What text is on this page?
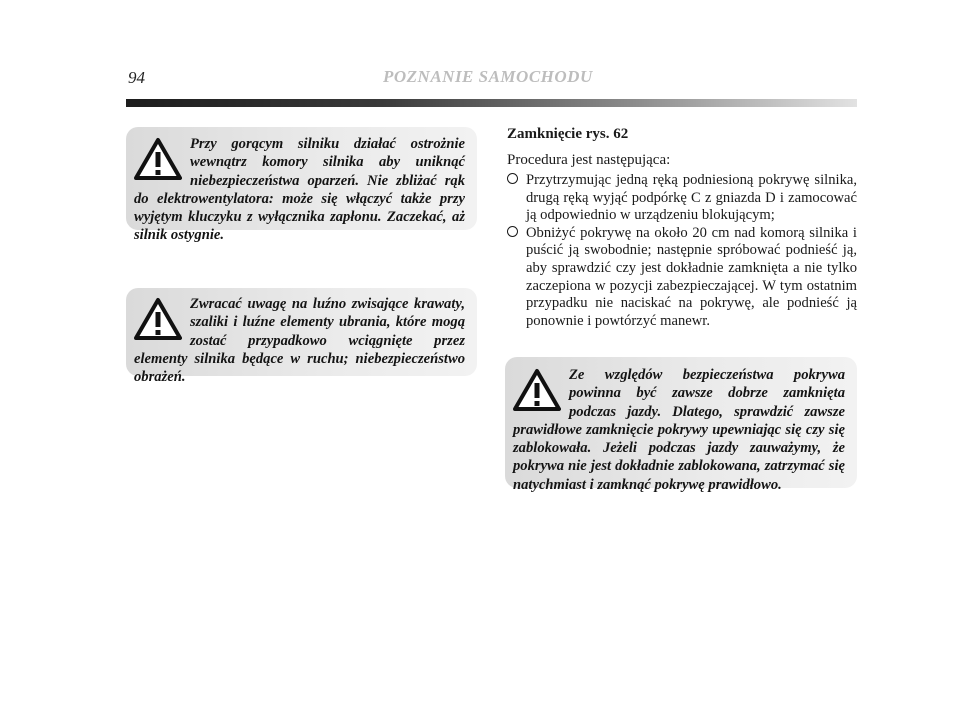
94	POZNANIE SAMOCHODU

Przy gorącym silniku działać ostrożnie wewnątrz komory silnika aby uniknąć niebezpieczeństwa oparzeń. Nie zbliżać rąk do elektrowentylatora: może się włączyć także przy wyjętym kluczyku z wyłącznika zapłonu. Zaczekać, aż silnik ostygnie.

Zwracać uwagę na luźno zwisające krawaty, szaliki i luźne elementy ubrania, które mogą zostać przypadkowo wciągnięte przez elementy silnika będące w ruchu; niebezpieczeństwo obrażeń.

Zamknięcie rys. 62
Procedura jest następująca:
Przytrzymując jedną ręką podniesioną pokrywę silnika, drugą ręką wyjąć podpórkę C z gniazda D i zamocować ją odpowiednio w urządzeniu blokującym;
Obniżyć pokrywę na około 20 cm nad komorą silnika i puścić ją swobodnie; następnie spróbować podnieść ją, aby sprawdzić czy jest dokładnie zamknięta a nie tylko zaczepiona w pozycji zabezpieczającej. W tym ostatnim przypadku nie naciskać na pokrywę, ale podnieść ją ponownie i powtórzyć manewr.

Ze względów bezpieczeństwa pokrywa powinna być zawsze dobrze zamknięta podczas jazdy. Dlatego, sprawdzić zawsze prawidłowe zamknięcie pokrywy upewniając się czy się zablokowała. Jeżeli podczas jazdy zauważymy, że pokrywa nie jest dokładnie zablokowana, zatrzymać się natychmiast i zamknąć pokrywę prawidłowo.
